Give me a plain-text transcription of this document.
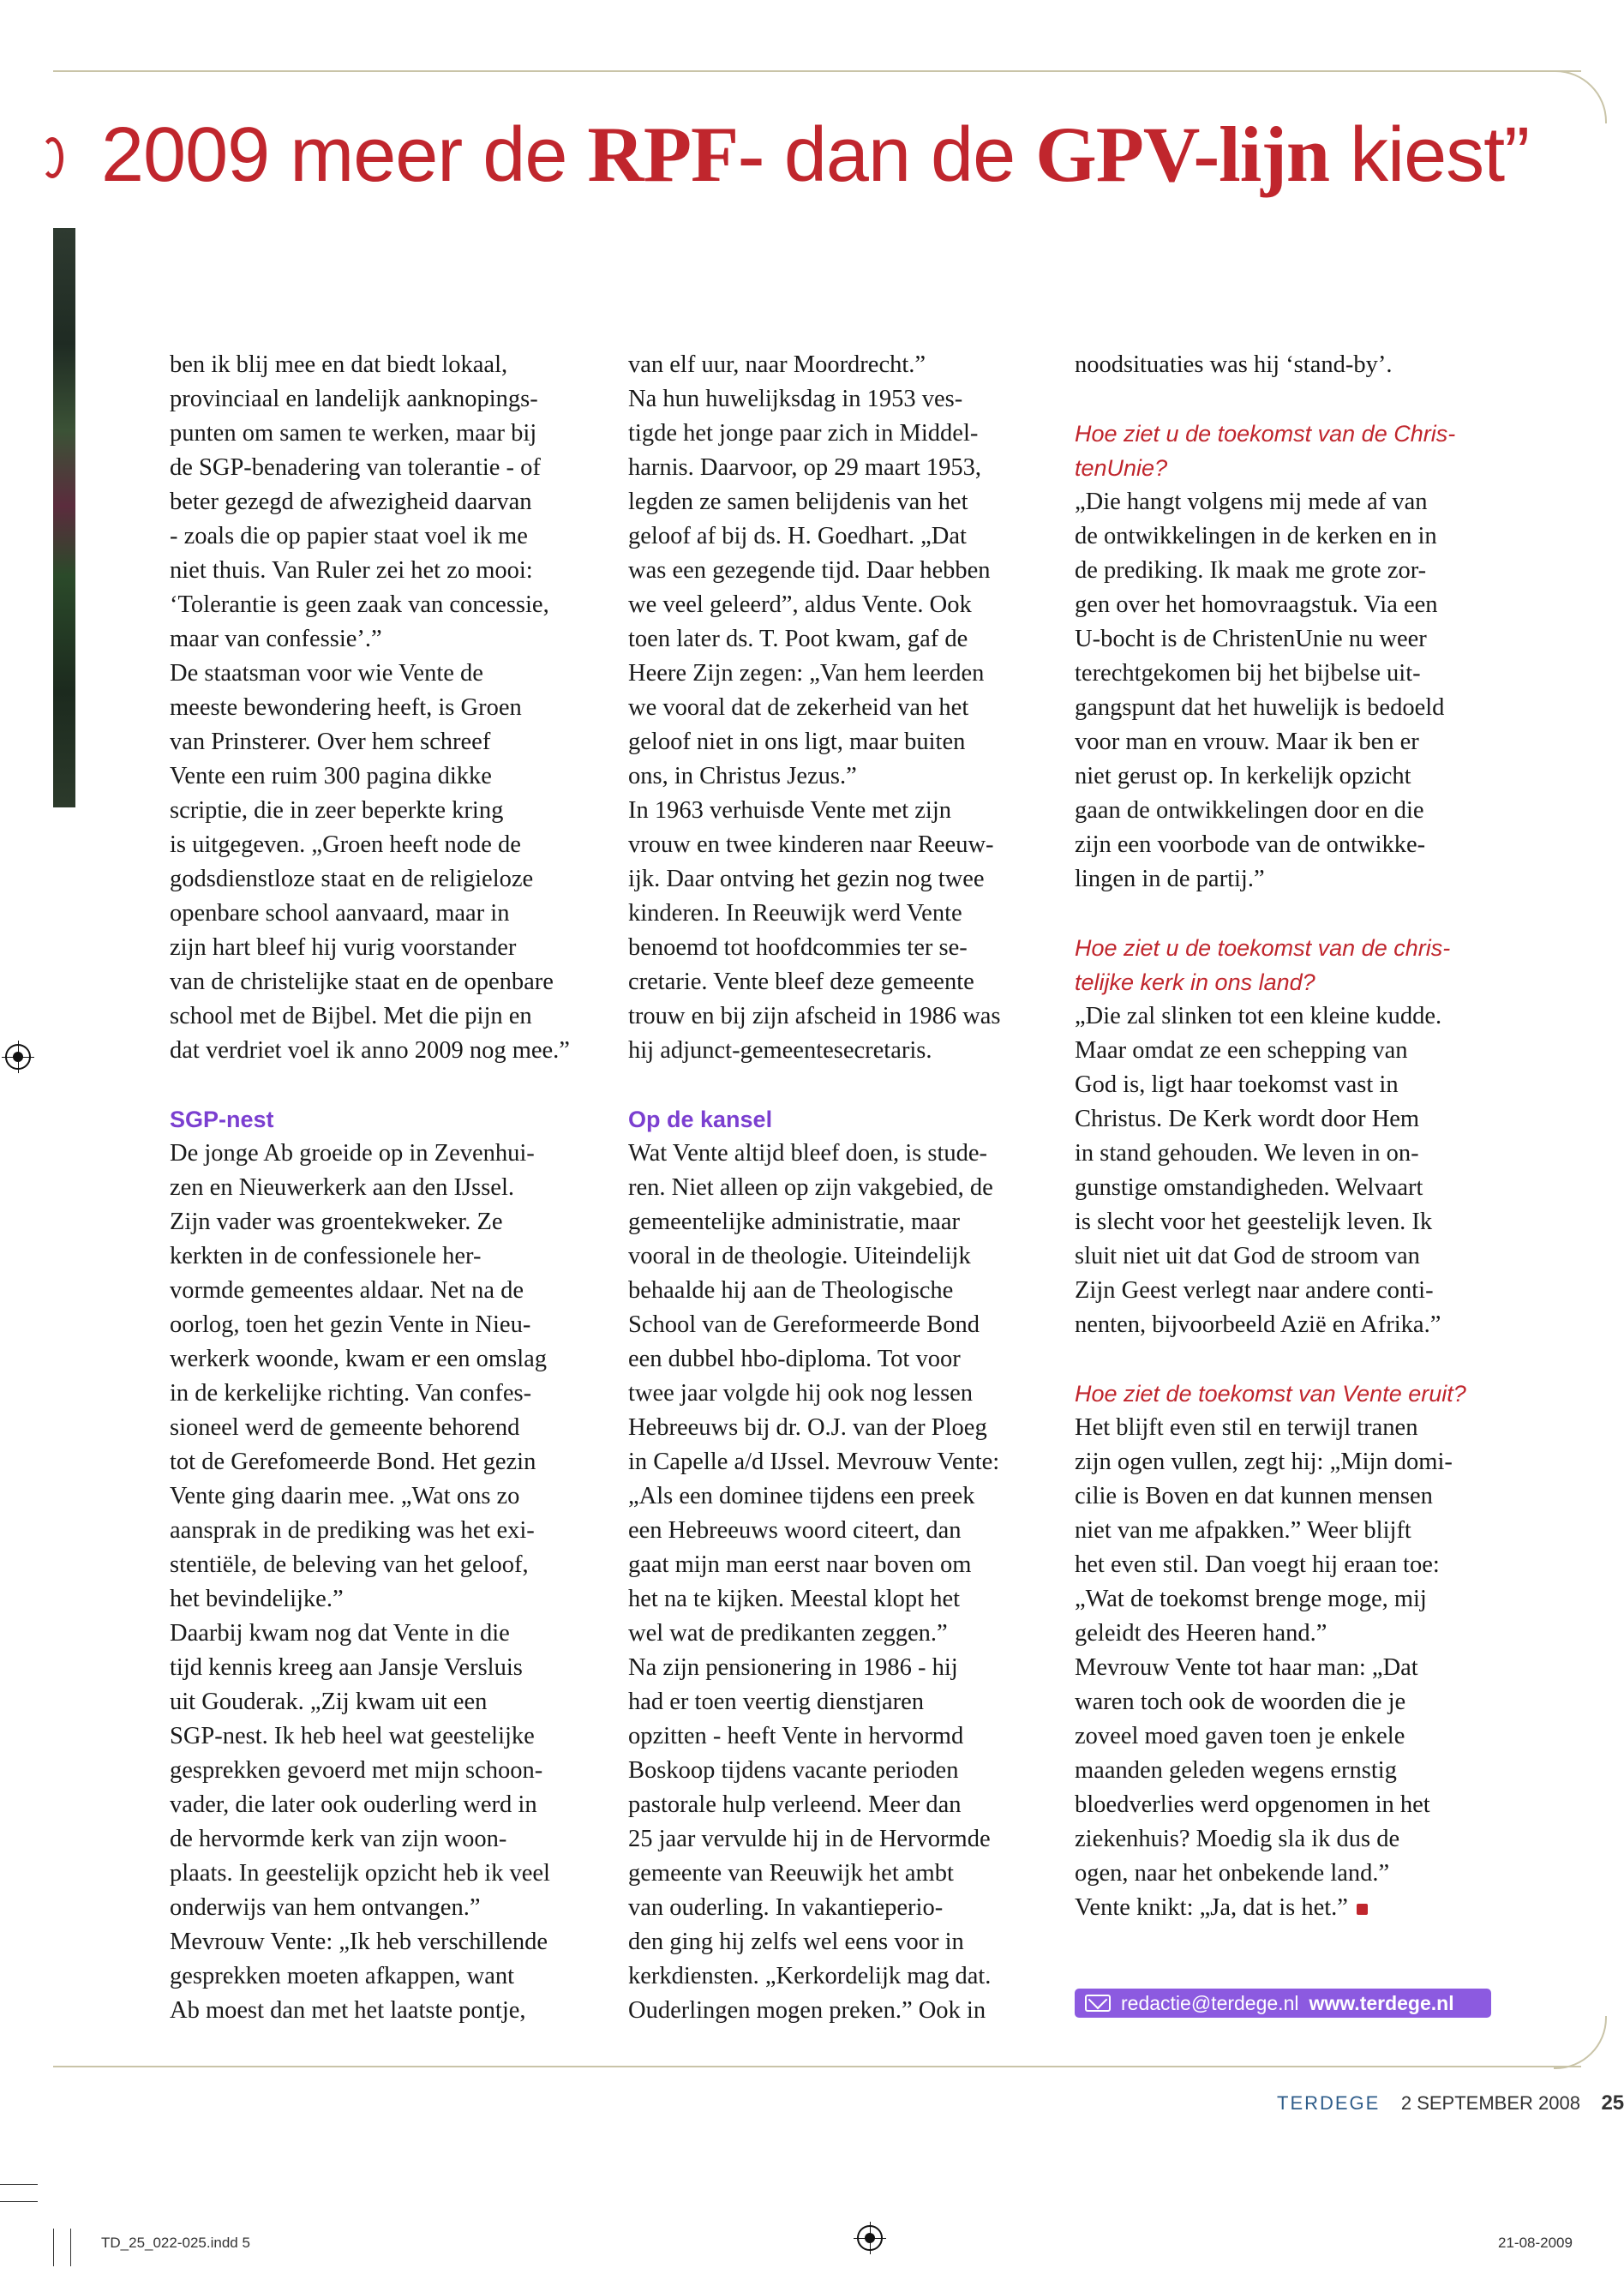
2009 meer de RPF- dan de GPV-lijn kiest”

ben ik blij mee en dat biedt lokaal,

provinciaal en landelijk aanknopings-

punten om samen te werken, maar bij

de SGP-benadering van tolerantie - of

beter gezegd de afwezigheid daarvan

- zoals die op papier staat voel ik me

niet thuis. Van Ruler zei het zo mooi:

‘Tolerantie is geen zaak van concessie,

maar van confessie’.”

De staatsman voor wie Vente de

meeste bewondering heeft, is Groen

van Prinsterer. Over hem schreef

Vente een ruim 300 pagina dikke

scriptie, die in zeer beperkte kring

is uitgegeven. „Groen heeft node de

godsdienstloze staat en de religieloze

openbare school aanvaard, maar in

zijn hart bleef hij vurig voorstander

van de christelijke staat en de openbare

school met de Bijbel. Met die pijn en

dat verdriet voel ik anno 2009 nog mee.”

SGP-nest

De jonge Ab groeide op in Zevenhui-

zen en Nieuwerkerk aan den IJssel.

Zijn vader was groentekweker. Ze

kerkten in de confessionele her-

vormde gemeentes aldaar. Net na de

oorlog, toen het gezin Vente in Nieu-

werkerk woonde, kwam er een omslag

in de kerkelijke richting. Van confes-

sioneel werd de gemeente behorend

tot de Gerefomeerde Bond. Het gezin

Vente ging daarin mee. „Wat ons zo

aansprak in de prediking was het exi-

stentiële, de beleving van het geloof,

het bevindelijke.”

Daarbij kwam nog dat Vente in die

tijd kennis kreeg aan Jansje Versluis

uit Gouderak. „Zij kwam uit een

SGP-nest. Ik heb heel wat geestelijke

gesprekken gevoerd met mijn schoon-

vader, die later ook ouderling werd in

de hervormde kerk van zijn woon-

plaats. In geestelijk opzicht heb ik veel

onderwijs van hem ontvangen.”

Mevrouw Vente: „Ik heb verschillende

gesprekken moeten afkappen, want

Ab moest dan met het laatste pontje,

van elf uur, naar Moordrecht.”

Na hun huwelijksdag in 1953 ves-

tigde het jonge paar zich in Middel-

harnis. Daarvoor, op 29 maart 1953,

legden ze samen belijdenis van het

geloof af bij ds. H. Goedhart. „Dat

was een gezegende tijd. Daar hebben

we veel geleerd”, aldus Vente. Ook

toen later ds. T. Poot kwam, gaf de

Heere Zijn zegen: „Van hem leerden

we vooral dat de zekerheid van het

geloof niet in ons ligt, maar buiten

ons, in Christus Jezus.”

In 1963 verhuisde Vente met zijn

vrouw en twee kinderen naar Reeuw-

ijk. Daar ontving het gezin nog twee

kinderen. In Reeuwijk werd Vente

benoemd tot hoofdcommies ter se-

cretarie. Vente bleef deze gemeente

trouw en bij zijn afscheid in 1986 was

hij adjunct-gemeentesecretaris.

Op de kansel

Wat Vente altijd bleef doen, is stude-

ren. Niet alleen op zijn vakgebied, de

gemeentelijke administratie, maar

vooral in de theologie. Uiteindelijk

behaalde hij aan de Theologische

School van de Gereformeerde Bond

een dubbel hbo-diploma. Tot voor

twee jaar volgde hij ook nog lessen

Hebreeuws bij dr. O.J. van der Ploeg

in Capelle a/d IJssel. Mevrouw Vente:

„Als een dominee tijdens een preek

een Hebreeuws woord citeert, dan

gaat mijn man eerst naar boven om

het na te kijken. Meestal klopt het

wel wat de predikanten zeggen.”

Na zijn pensionering in 1986 - hij

had er toen veertig dienstjaren

opzitten - heeft Vente in hervormd

Boskoop tijdens vacante perioden

pastorale hulp verleend. Meer dan

25 jaar vervulde hij in de Hervormde

gemeente van Reeuwijk het ambt

van ouderling. In vakantieperio-

den ging hij zelfs wel eens voor in

kerkdiensten. „Kerkordelijk mag dat.

Ouderlingen mogen preken.” Ook in

noodsituaties was hij ‘stand-by’.

Hoe ziet u de toekomst van de Chris-

tenUnie?

„Die hangt volgens mij mede af van

de ontwikkelingen in de kerken en in

de prediking. Ik maak me grote zor-

gen over het homovraagstuk. Via een

U-bocht is de ChristenUnie nu weer

terechtgekomen bij het bijbelse uit-

gangspunt dat het huwelijk is bedoeld

voor man en vrouw. Maar ik ben er

niet gerust op. In kerkelijk opzicht

gaan de ontwikkelingen door en die

zijn een voorbode van de ontwikke-

lingen in de partij.”

Hoe ziet u de toekomst van de chris-

telijke kerk in ons land?

„Die zal slinken tot een kleine kudde.

Maar omdat ze een schepping van

God is, ligt haar toekomst vast in

Christus. De Kerk wordt door Hem

in stand gehouden. We leven in on-

gunstige omstandigheden. Welvaart

is slecht voor het geestelijk leven. Ik

sluit niet uit dat God de stroom van

Zijn Geest verlegt naar andere conti-

nenten, bijvoorbeeld Azië en Afrika.”

Hoe ziet de toekomst van Vente eruit?

Het blijft even stil en terwijl tranen

zijn ogen vullen, zegt hij: „Mijn domi-

cilie is Boven en dat kunnen mensen

niet van me afpakken.” Weer blijft

het even stil. Dan voegt hij eraan toe:

„Wat de toekomst brenge moge, mij

geleidt des Heeren hand.”

Mevrouw Vente tot haar man: „Dat

waren toch ook de woorden die je

zoveel moed gaven toen je enkele

maanden geleden wegens ernstig

bloedverlies werd opgenomen in het

ziekenhuis? Moedig sla ik dus de

ogen, naar het onbekende land.”

Vente knikt: „Ja, dat is het.”

redactie@terdege.nl www.terdege.nl
TERDEGE 2 SEPTEMBER 2008 25
TD_25_022-025.indd 5	21-08-2009
